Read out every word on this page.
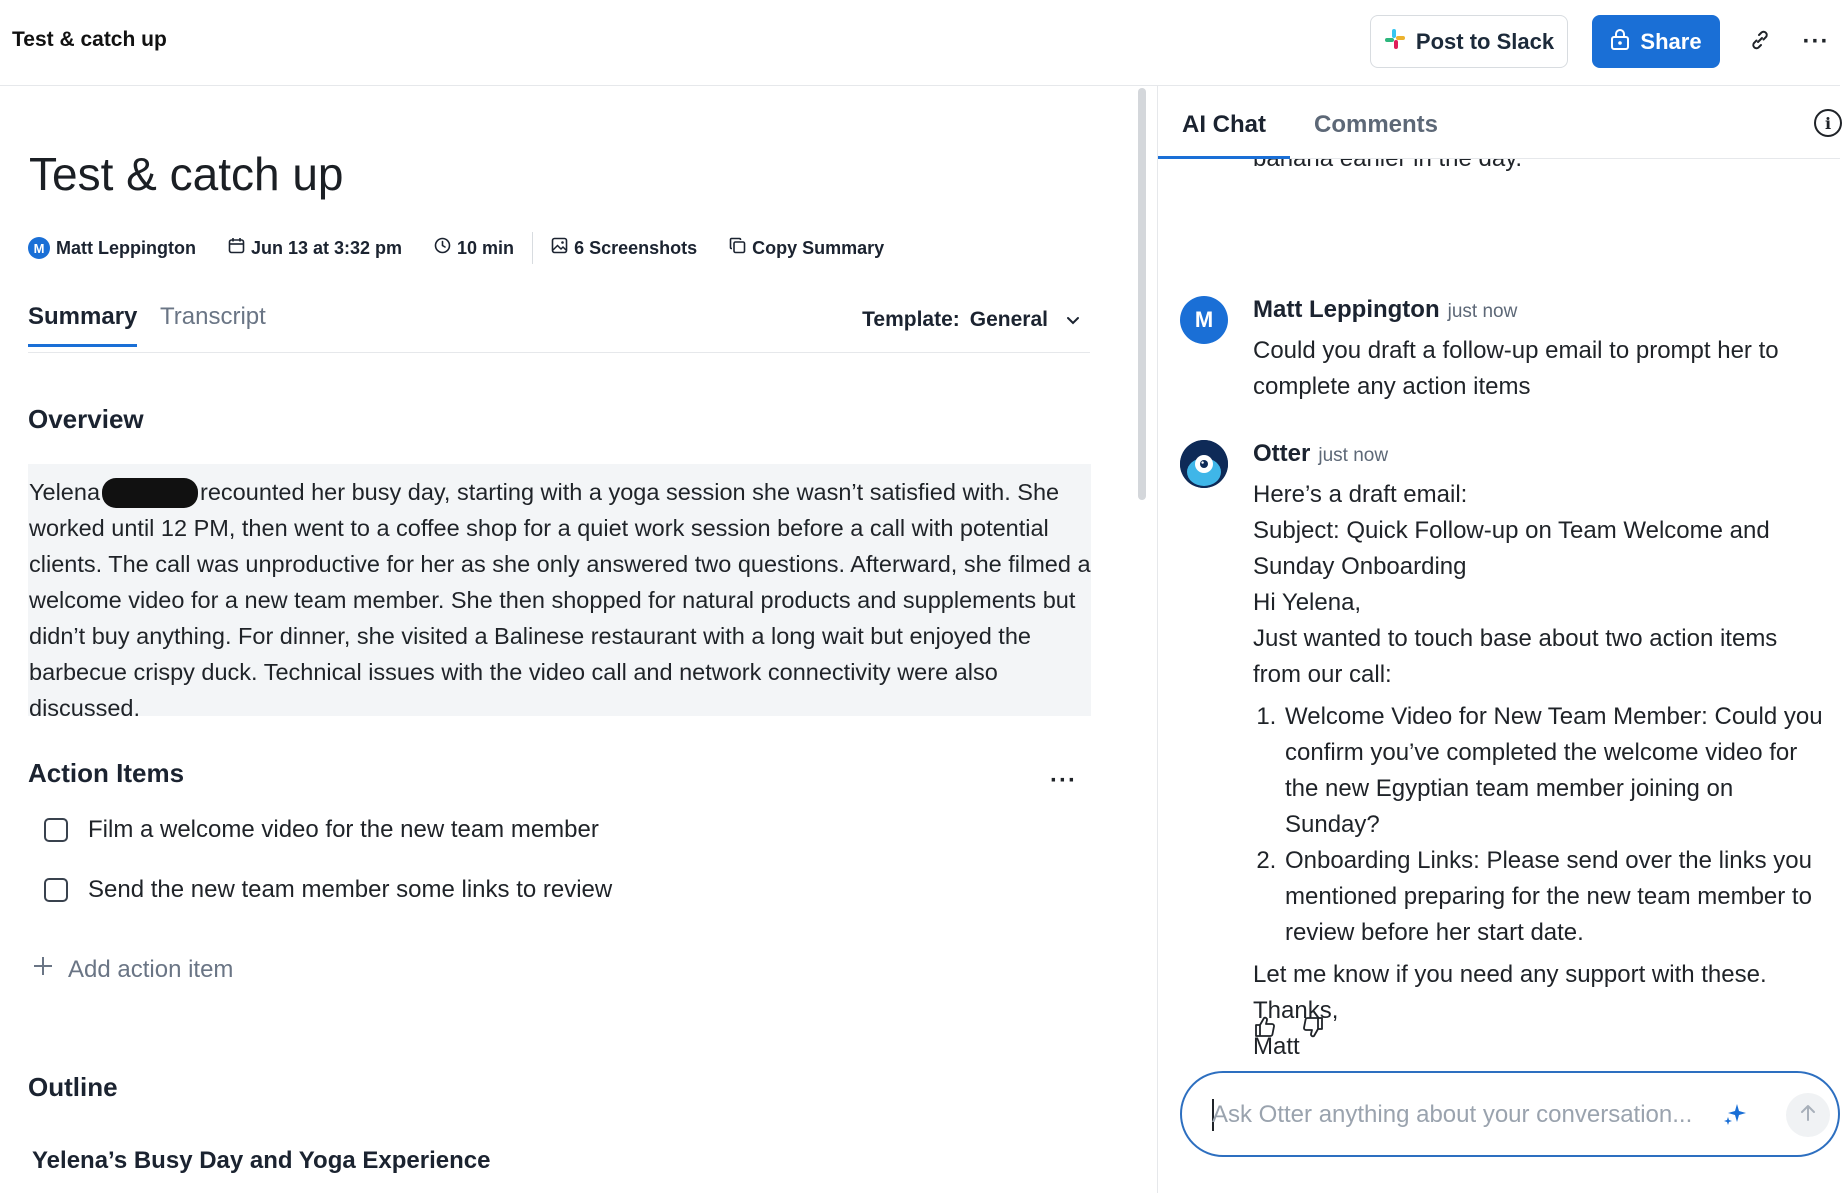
Test & catch up	Post to Slack	Share	···
Test & catch up
M Matt Leppington	Jun 13 at 3:32 pm	10 min	6 Screenshots	Copy Summary
Summary Transcript	Template: General
Overview
Yelena	recounted her busy day, starting with a yoga session she wasn’t satisfied with. She worked until 12 PM, then went to a coffee shop for a quiet work session before a call with potential clients. The call was unproductive for her as she only answered two questions. Afterward, she filmed a welcome video for a new team member. She then shopped for natural products and supplements but didn’t buy anything. For dinner, she visited a Balinese restaurant with a long wait but enjoyed the barbecue crispy duck. Technical issues with the video call and network connectivity were also discussed.
Action Items	···
Film a welcome video for the new team member
Send the new team member some links to review
Add action item
Outline
Yelena’s Busy Day and Yoga Experience
AI Chat	Comments	i
M Matt Leppington just now
Could you draft a follow-up email to prompt her to complete any action items
Otter just now
Here’s a draft email:
Subject: Quick Follow-up on Team Welcome and Sunday Onboarding
Hi Yelena,
Just wanted to touch base about two action items from our call:
1. Welcome Video for New Team Member: Could you confirm you’ve completed the welcome video for the new Egyptian team member joining on Sunday?
2. Onboarding Links: Please send over the links you mentioned preparing for the new team member to review before her start date.
Let me know if you need any support with these.
Thanks,
Matt
Ask Otter anything about your conversation...
